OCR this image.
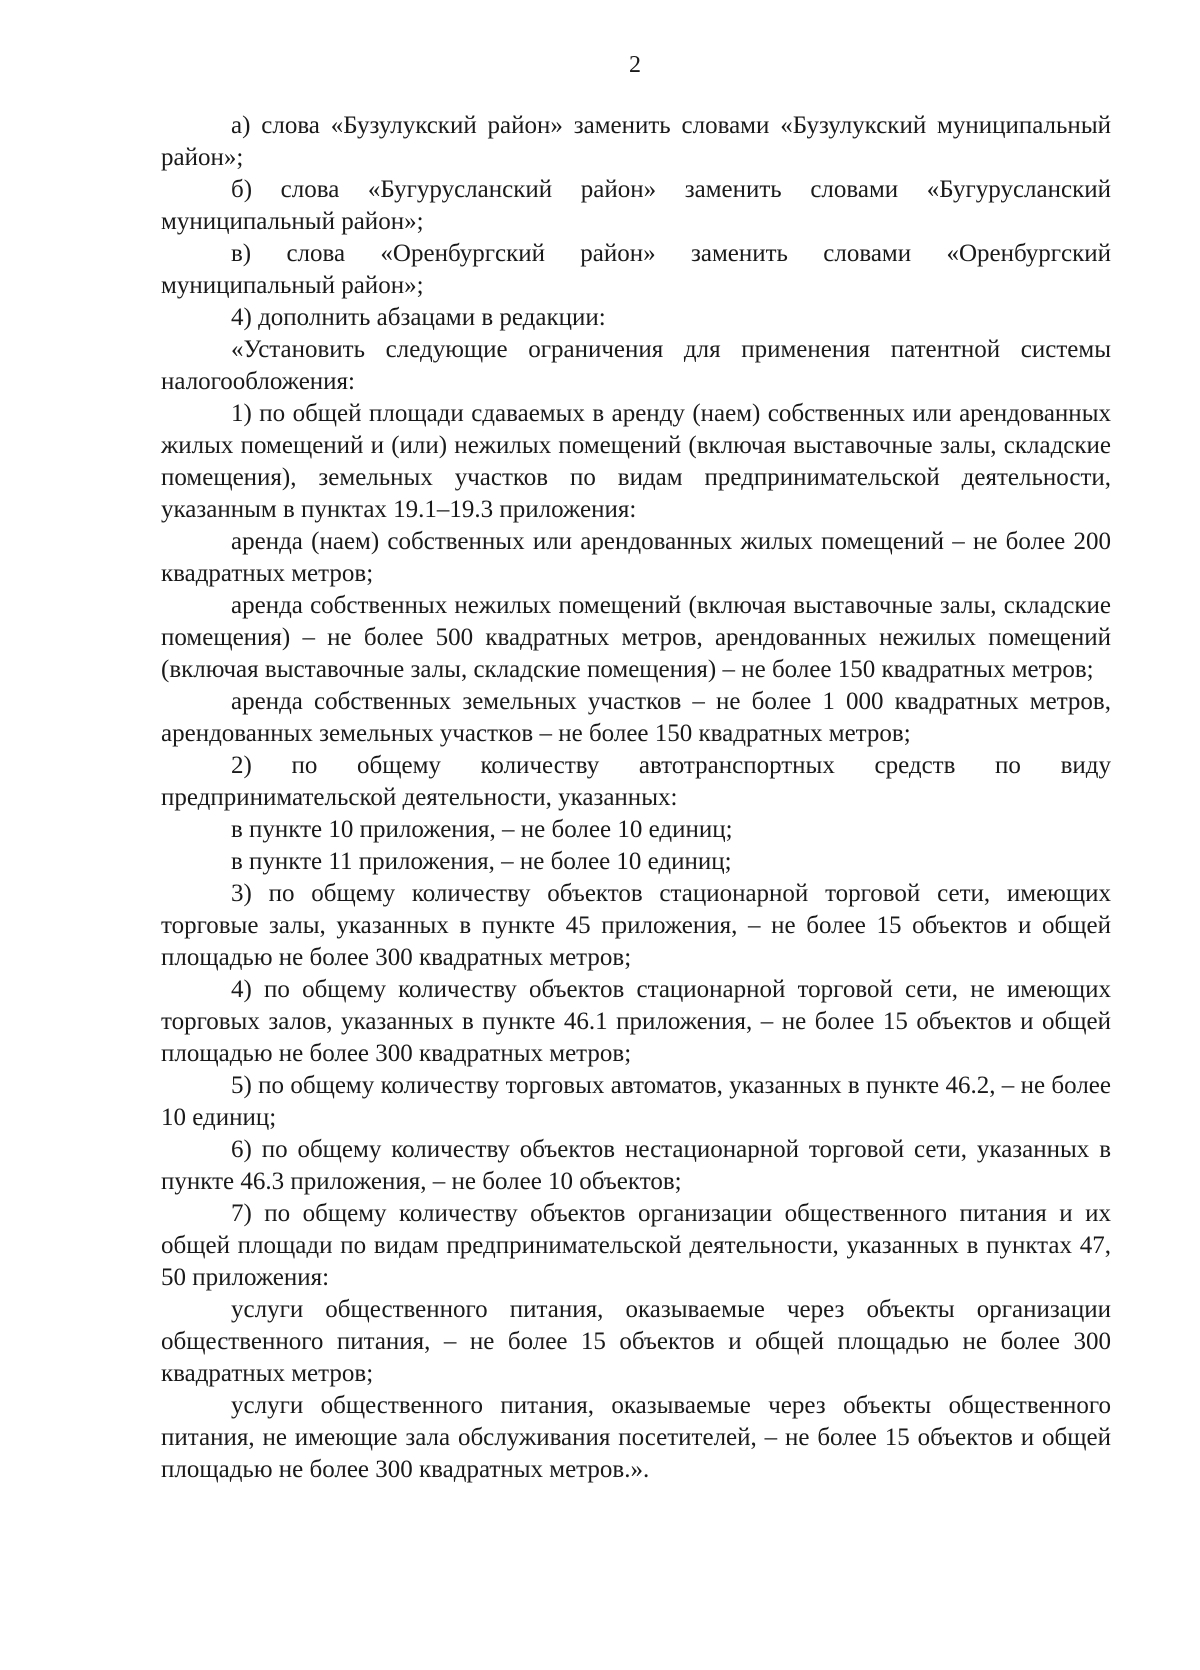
2

а) слова «Бузулукский район» заменить словами «Бузулукский муниципальный район»;

б) слова «Бугурусланский район» заменить словами «Бугурусланский муниципальный район»;

в) слова «Оренбургский район» заменить словами «Оренбургский муниципальный район»;

4) дополнить абзацами в редакции:

«Установить следующие ограничения для применения патентной системы налогообложения:

1) по общей площади сдаваемых в аренду (наем) собственных или арендованных жилых помещений и (или) нежилых помещений (включая выставочные залы, складские помещения), земельных участков по видам предпринимательской деятельности, указанным в пунктах 19.1–19.3 приложения:

аренда (наем) собственных или арендованных жилых помещений – не более 200 квадратных метров;

аренда собственных нежилых помещений (включая выставочные залы, складские помещения) – не более 500 квадратных метров, арендованных нежилых помещений (включая выставочные залы, складские помещения) – не более 150 квадратных метров;

аренда собственных земельных участков – не более 1 000 квадратных метров, арендованных земельных участков – не более 150 квадратных метров;

2) по общему количеству автотранспортных средств по виду предпринимательской деятельности, указанных:

в пункте 10 приложения, – не более 10 единиц;

в пункте 11 приложения, – не более 10 единиц;

3) по общему количеству объектов стационарной торговой сети, имеющих торговые залы, указанных в пункте 45 приложения, – не более 15 объектов и общей площадью не более 300 квадратных метров;

4) по общему количеству объектов стационарной торговой сети, не имеющих торговых залов, указанных в пункте 46.1 приложения, – не более 15 объектов и общей площадью не более 300 квадратных метров;

5) по общему количеству торговых автоматов, указанных в пункте 46.2, – не более 10 единиц;

6) по общему количеству объектов нестационарной торговой сети, указанных в пункте 46.3 приложения, – не более 10 объектов;

7) по общему количеству объектов организации общественного питания и их общей площади по видам предпринимательской деятельности, указанных в пунктах 47, 50 приложения:

услуги общественного питания, оказываемые через объекты организации общественного питания, – не более 15 объектов и общей площадью не более 300 квадратных метров;

услуги общественного питания, оказываемые через объекты общественного питания, не имеющие зала обслуживания посетителей, – не более 15 объектов и общей площадью не более 300 квадратных метров.».
